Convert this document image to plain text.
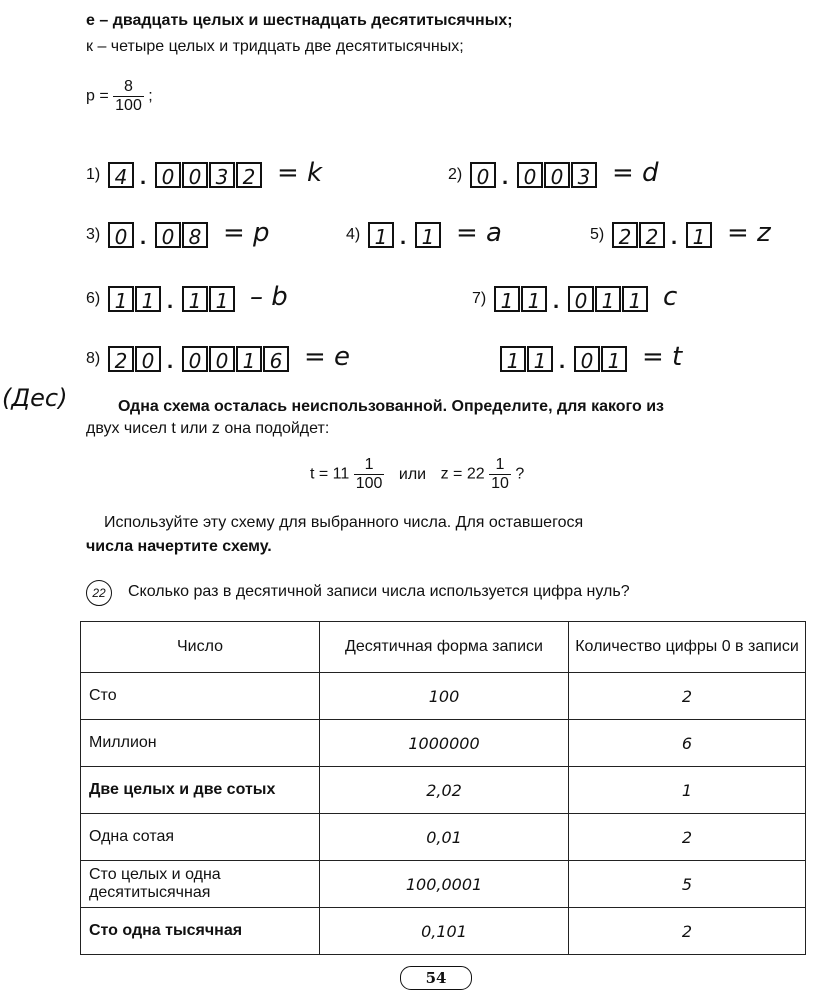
е – двадцать целых и шестнадцать десятитысячных;
к – четыре целых и тридцать две десятитысячных;
$р = \frac{8}{100}$ ;
1) 4 . 0 0 3 2 = k	2) 0 . 0 0 3 = d
3) 0 . 0 8 = p	4) 1 . 1 = a	5) 2 2 . 1 = z
6) 1 1 . 1 1 – b	7) 1 1 . 0 1 1 c
8) 2 0 . 0 0 1 6 = e	1 1 . 0 1 = t
(Дес)	Одна схема осталась неиспользованной. Определите, для какого из
двух чисел t или z она подойдет:
$t = 11 \frac{1}{100}$ или $z = 22 \frac{1}{10}$ ?
Используйте эту схему для выбранного числа. Для оставшегося
числа начертите схему.
22	Сколько раз в десятичной записи числа используется цифра нуль?
Число	Десятичная форма записи	Количество цифры 0 в записи
Сто	100	2
Миллион	1000000	6
Две целых и две сотых	2,02	1
Одна сотая	0,01	2
Сто целых и одна десятитысячная	100,0001	5
Сто одна тысячная	0,101	2
54
